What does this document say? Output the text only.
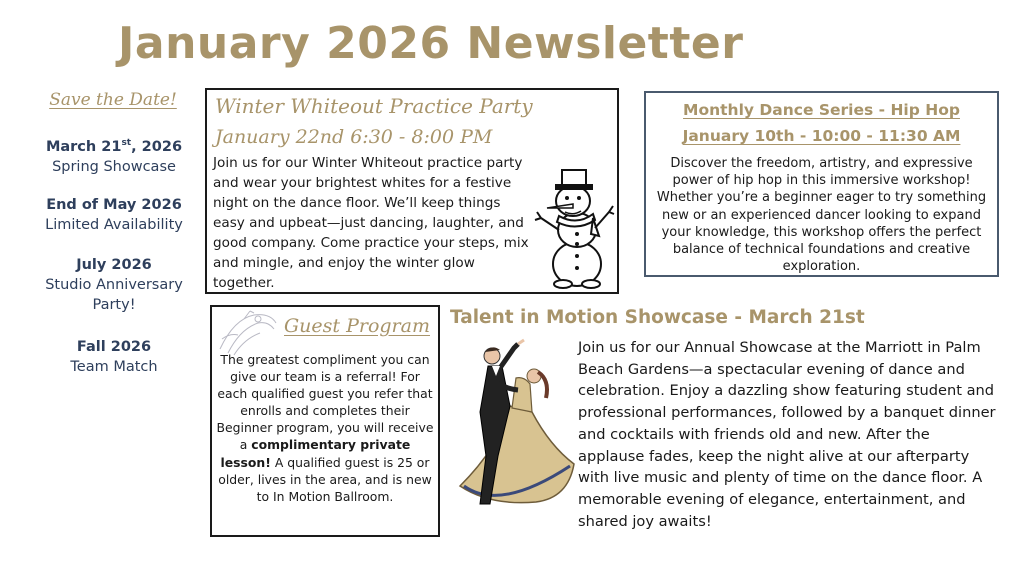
January 2026 Newsletter
Save the Date!
March 21st, 2026
Spring Showcase
End of May 2026
Limited Availability
July 2026
Studio Anniversary Party!
Fall 2026
Team Match
Winter Whiteout Practice Party
January 22nd 6:30 - 8:00 PM
Join us for our Winter Whiteout practice party and wear your brightest whites for a festive night on the dance floor. We’ll keep things easy and upbeat—just dancing, laughter, and good company. Come practice your steps, mix and mingle, and enjoy the winter glow together.
Monthly Dance Series - Hip Hop
January 10th - 10:00 - 11:30 AM
Discover the freedom, artistry, and expressive power of hip hop in this immersive workshop! Whether you’re a beginner eager to try something new or an experienced dancer looking to expand your knowledge, this workshop offers the perfect balance of technical foundations and creative exploration.
Guest Program
The greatest compliment you can give our team is a referral! For each qualified guest you refer that enrolls and completes their Beginner program, you will receive a complimentary private lesson! A qualified guest is 25 or older, lives in the area, and is new to In Motion Ballroom.
Talent in Motion Showcase - March 21st
Join us for our Annual Showcase at the Marriott in Palm Beach Gardens—a spectacular evening of dance and celebration. Enjoy a dazzling show featuring student and professional performances, followed by a banquet dinner and cocktails with friends old and new. After the applause fades, keep the night alive at our afterparty with live music and plenty of time on the dance floor. A memorable evening of elegance, entertainment, and shared joy awaits!
